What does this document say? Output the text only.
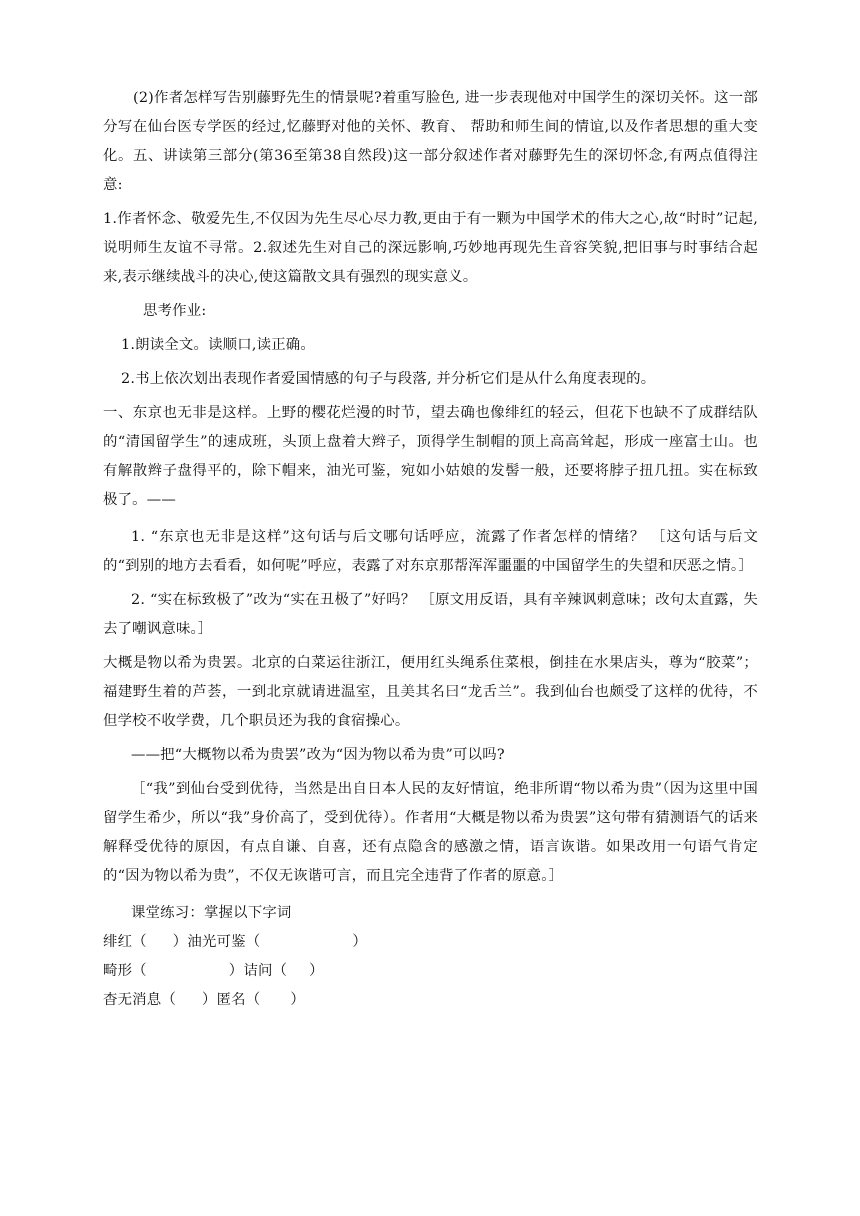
(2)作者怎样写告别藤野先生的情景呢?着重写脸色, 进一步表现他对中国学生的深切关怀。这一部分写在仙台医专学医的经过,忆藤野对他的关怀、教育、 帮助和师生间的情谊,以及作者思想的重大变化。五、讲读第三部分(第36至第38自然段)这一部分叙述作者对藤野先生的深切怀念,有两点值得注意:

1.作者怀念、敬爱先生,不仅因为先生尽心尽力教,更由于有一颗为中国学术的伟大之心,故“时时”记起,说明师生友谊不寻常。2.叙述先生对自己的深远影响,巧妙地再现先生音容笑貌,把旧事与时事结合起来,表示继续战斗的决心,使这篇散文具有强烈的现实意义。

思考作业:

1.朗读全文。读顺口,读正确。

2.书上依次划出表现作者爱国情感的句子与段落, 并分析它们是从什么角度表现的。

一、东京也无非是这样。上野的樱花烂漫的时节，望去确也像绯红的轻云，但花下也缺不了成群结队的“清国留学生”的速成班，头顶上盘着大辫子，顶得学生制帽的顶上高高耸起，形成一座富士山。也有解散辫子盘得平的，除下帽来，油光可鉴，宛如小姑娘的发髻一般，还要将脖子扭几扭。实在标致极了。——

1. “东京也无非是这样”这句话与后文哪句话呼应，流露了作者怎样的情绪？ ［这句话与后文的“到别的地方去看看，如何呢”呼应，表露了对东京那帮浑浑噩噩的中国留学生的失望和厌恶之情。］

2. “实在标致极了”改为“实在丑极了”好吗？ ［原文用反语，具有辛辣讽刺意味；改句太直露，失去了嘲讽意味。］

大概是物以希为贵罢。北京的白菜运往浙江，便用红头绳系住菜根，倒挂在水果店头，尊为“胶菜”；福建野生着的芦荟，一到北京就请进温室，且美其名曰“龙舌兰”。我到仙台也颇受了这样的优待，不但学校不收学费，几个职员还为我的食宿操心。

——把“大概物以希为贵罢”改为“因为物以希为贵”可以吗?

［“我”到仙台受到优待，当然是出自日本人民的友好情谊，绝非所谓“物以希为贵”（因为这里中国留学生希少，所以“我”身价高了，受到优待）。作者用“大概是物以希为贵罢”这句带有猜测语气的话来解释受优待的原因，有点自谦、自喜，还有点隐含的感激之情，语言诙谐。如果改用一句语气肯定的“因为物以希为贵”，不仅无诙谐可言，而且完全违背了作者的原意。］

课堂练习：掌握以下字词

绯红（ ）油光可鉴（	）

畸形（	）诘问（ ）

杳无消息（ ）匿名（ ）
